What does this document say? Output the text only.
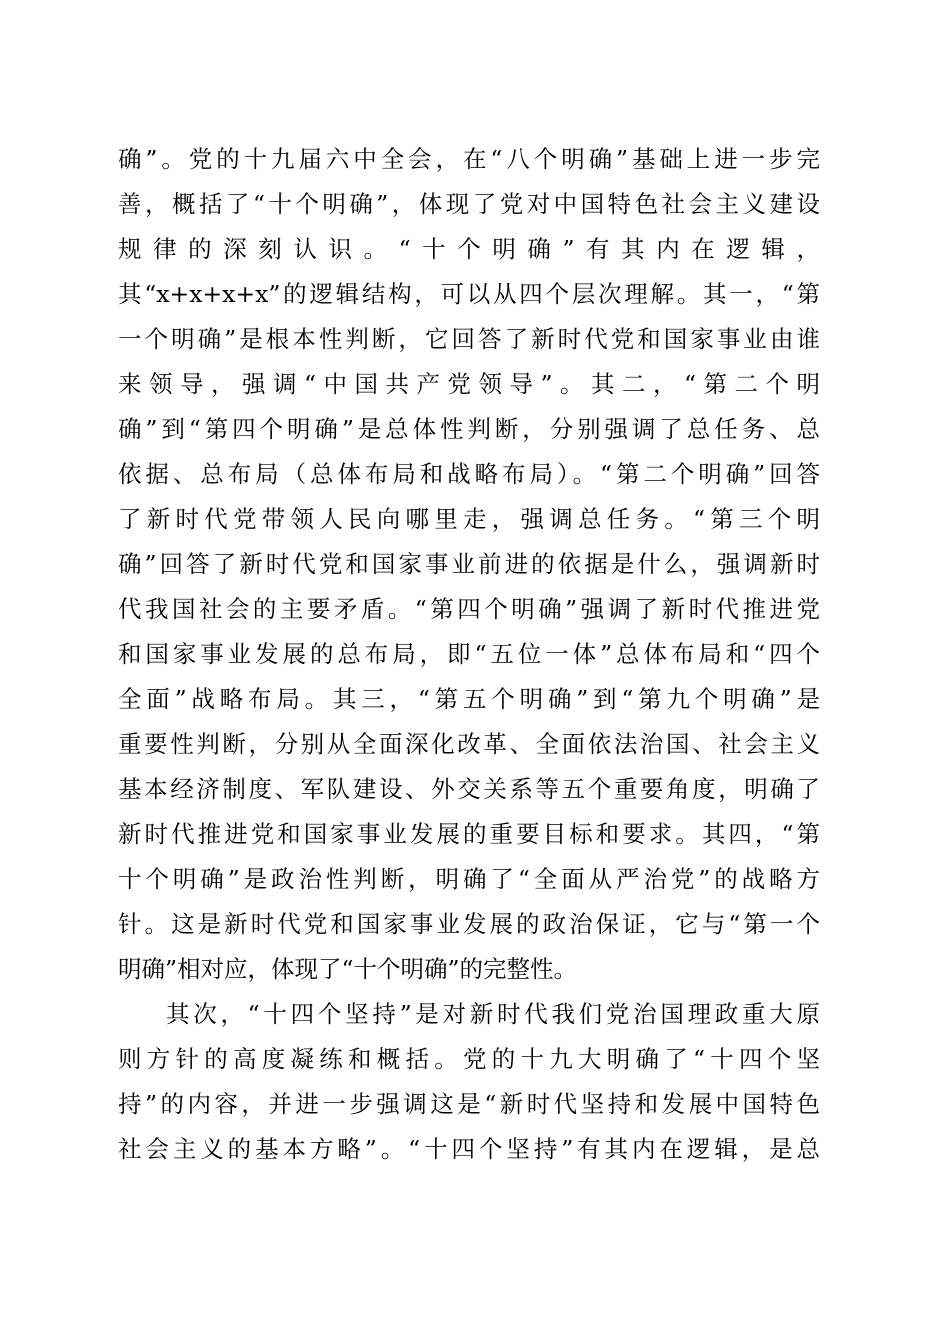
确”。党的十九届六中全会，在“八个明确”基础上进一步完
善，概括了“十个明确”，体现了党对中国特色社会主义建设
规律的深刻认识。“十个明确”有其内在逻辑，
其“x+x+x+x”的逻辑结构，可以从四个层次理解。其一，“第
一个明确”是根本性判断，它回答了新时代党和国家事业由谁
来领导，强调“中国共产党领导”。其二，“第二个明
确”到“第四个明确”是总体性判断，分别强调了总任务、总
依据、总布局（总体布局和战略布局）。“第二个明确”回答
了新时代党带领人民向哪里走，强调总任务。“第三个明
确”回答了新时代党和国家事业前进的依据是什么，强调新时
代我国社会的主要矛盾。“第四个明确”强调了新时代推进党
和国家事业发展的总布局，即“五位一体”总体布局和“四个
全面”战略布局。其三，“第五个明确”到“第九个明确”是
重要性判断，分别从全面深化改革、全面依法治国、社会主义
基本经济制度、军队建设、外交关系等五个重要角度，明确了
新时代推进党和国家事业发展的重要目标和要求。其四，“第
十个明确”是政治性判断，明确了“全面从严治党”的战略方
针。这是新时代党和国家事业发展的政治保证，它与“第一个
明确”相对应，体现了“十个明确”的完整性。
其次，“十四个坚持”是对新时代我们党治国理政重大原
则方针的高度凝练和概括。党的十九大明确了“十四个坚
持”的内容，并进一步强调这是“新时代坚持和发展中国特色
社会主义的基本方略”。“十四个坚持”有其内在逻辑，是总
